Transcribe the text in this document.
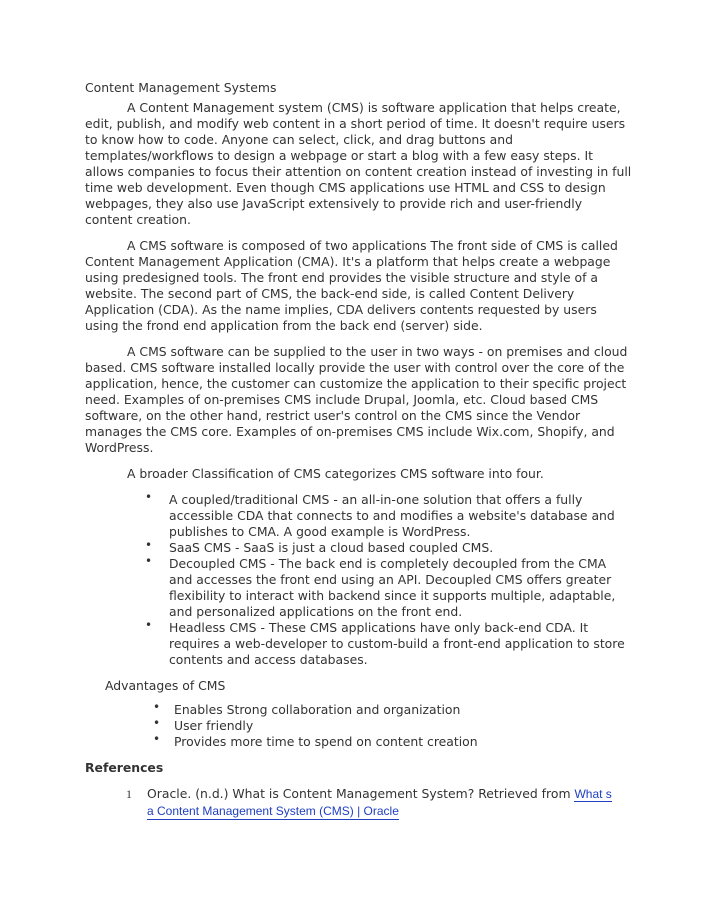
Content Management Systems

A Content Management system (CMS) is software application that helps create, edit, publish, and modify web content in a short period of time. It doesn't require users to know how to code. Anyone can select, click, and drag buttons and templates/workflows to design a webpage or start a blog with a few easy steps. It allows companies to focus their attention on content creation instead of investing in full time web development. Even though CMS applications use HTML and CSS to design webpages, they also use JavaScript extensively to provide rich and user-friendly content creation.

A CMS software is composed of two applications The front side of CMS is called Content Management Application (CMA). It's a platform that helps create a webpage using predesigned tools. The front end provides the visible structure and style of a website. The second part of CMS, the back-end side, is called Content Delivery Application (CDA). As the name implies, CDA delivers contents requested by users using the frond end application from the back end (server) side.

A CMS software can be supplied to the user in two ways - on premises and cloud based. CMS software installed locally provide the user with control over the core of the application, hence, the customer can customize the application to their specific project need. Examples of on-premises CMS include Drupal, Joomla, etc. Cloud based CMS software, on the other hand, restrict user's control on the CMS since the Vendor manages the CMS core. Examples of on-premises CMS include Wix.com, Shopify, and WordPress.

A broader Classification of CMS categorizes CMS software into four.

• A coupled/traditional CMS - an all-in-one solution that offers a fully accessible CDA that connects to and modifies a website's database and publishes to CMA. A good example is WordPress.
• SaaS CMS - SaaS is just a cloud based coupled CMS.
• Decoupled CMS - The back end is completely decoupled from the CMA and accesses the front end using an API. Decoupled CMS offers greater flexibility to interact with backend since it supports multiple, adaptable, and personalized applications on the front end.
• Headless CMS - These CMS applications have only back-end CDA. It requires a web-developer to custom-build a front-end application to store contents and access databases.
Advantages of CMS
• Enables Strong collaboration and organization
• User friendly
• Provides more time to spend on content creation
References
1 Oracle. (n.d.) What is Content Management System? Retrieved from What s
a Content Management System (CMS) | Oracle
